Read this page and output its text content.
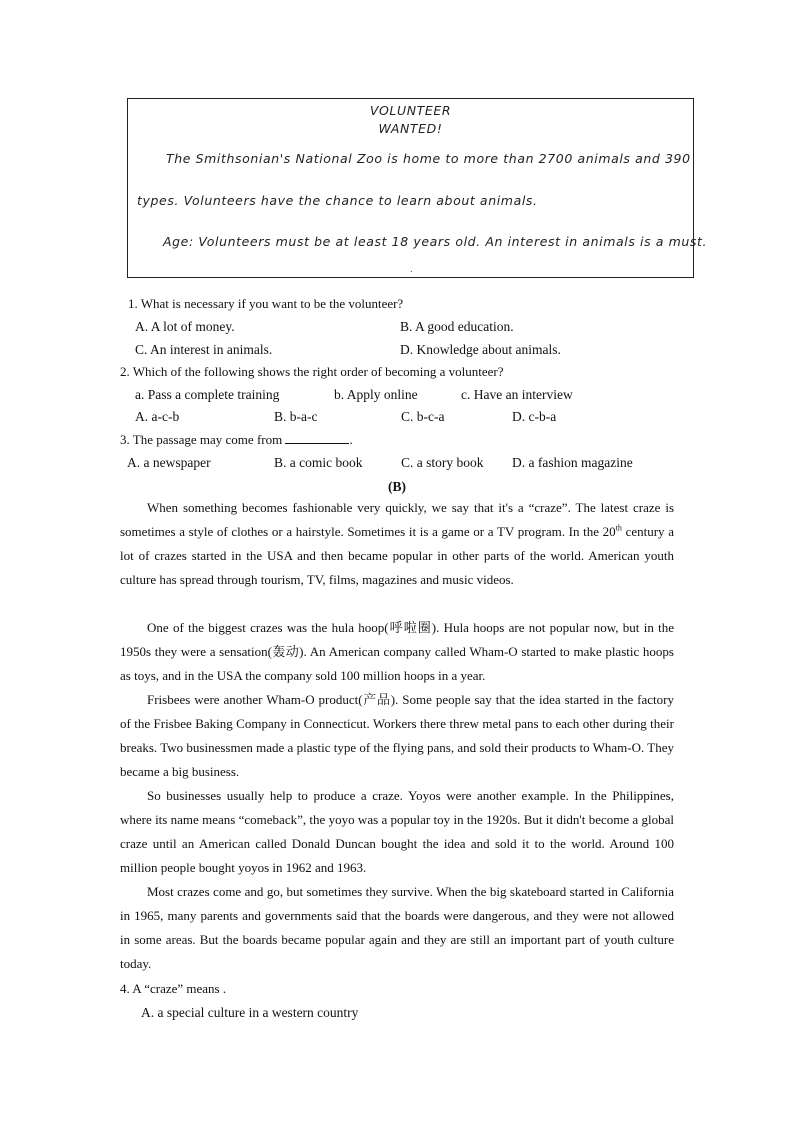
VOLUNTEER
WANTED!
The Smithsonian's National Zoo is home to more than 2700 animals and 390
types. Volunteers have the chance to learn about animals.
Age: Volunteers must be at least 18 years old. An interest in animals is a must.
.
1. What is necessary if you want to be the volunteer?
A. A lot of money.	B. A good education.
C. An interest in animals.	D. Knowledge about animals.
2. Which of the following shows the right order of becoming a volunteer?
a. Pass a complete training	b. Apply online	c. Have an interview
A. a-c-b	B. b-a-c	C. b-c-a	D. c-b-a
3. The passage may come from	.
A. a newspaper	B. a comic book	C. a story book D. a fashion magazine
(B)

When something becomes fashionable very quickly, we say that it's a “craze”. The latest craze is sometimes a style of clothes or a hairstyle. Sometimes it is a game or a TV program. In the 20th century a lot of crazes started in the USA and then became popular in other parts of the world. American youth culture has spread through tourism, TV, films, magazines and music videos.

One of the biggest crazes was the hula hoop(呼啦圈). Hula hoops are not popular now, but in the 1950s they were a sensation(轰动). An American company called Wham-O started to make plastic hoops as toys, and in the USA the company sold 100 million hoops in a year.

Frisbees were another Wham-O product(产品). Some people say that the idea started in the factory of the Frisbee Baking Company in Connecticut. Workers there threw metal pans to each other during their breaks. Two businessmen made a plastic type of the flying pans, and sold their products to Wham-O. They became a big business.

So businesses usually help to produce a craze. Yoyos were another example. In the Philippines, where its name means “comeback”, the yoyo was a popular toy in the 1920s. But it didn't become a global craze until an American called Donald Duncan bought the idea and sold it to the world. Around 100 million people bought yoyos in 1962 and 1963.

Most crazes come and go, but sometimes they survive. When the big skateboard started in California in 1965, many parents and governments said that the boards were dangerous, and they were not allowed in some areas. But the boards became popular again and they are still an important part of youth culture today.

4. A “craze” means .
A. a special culture in a western country
